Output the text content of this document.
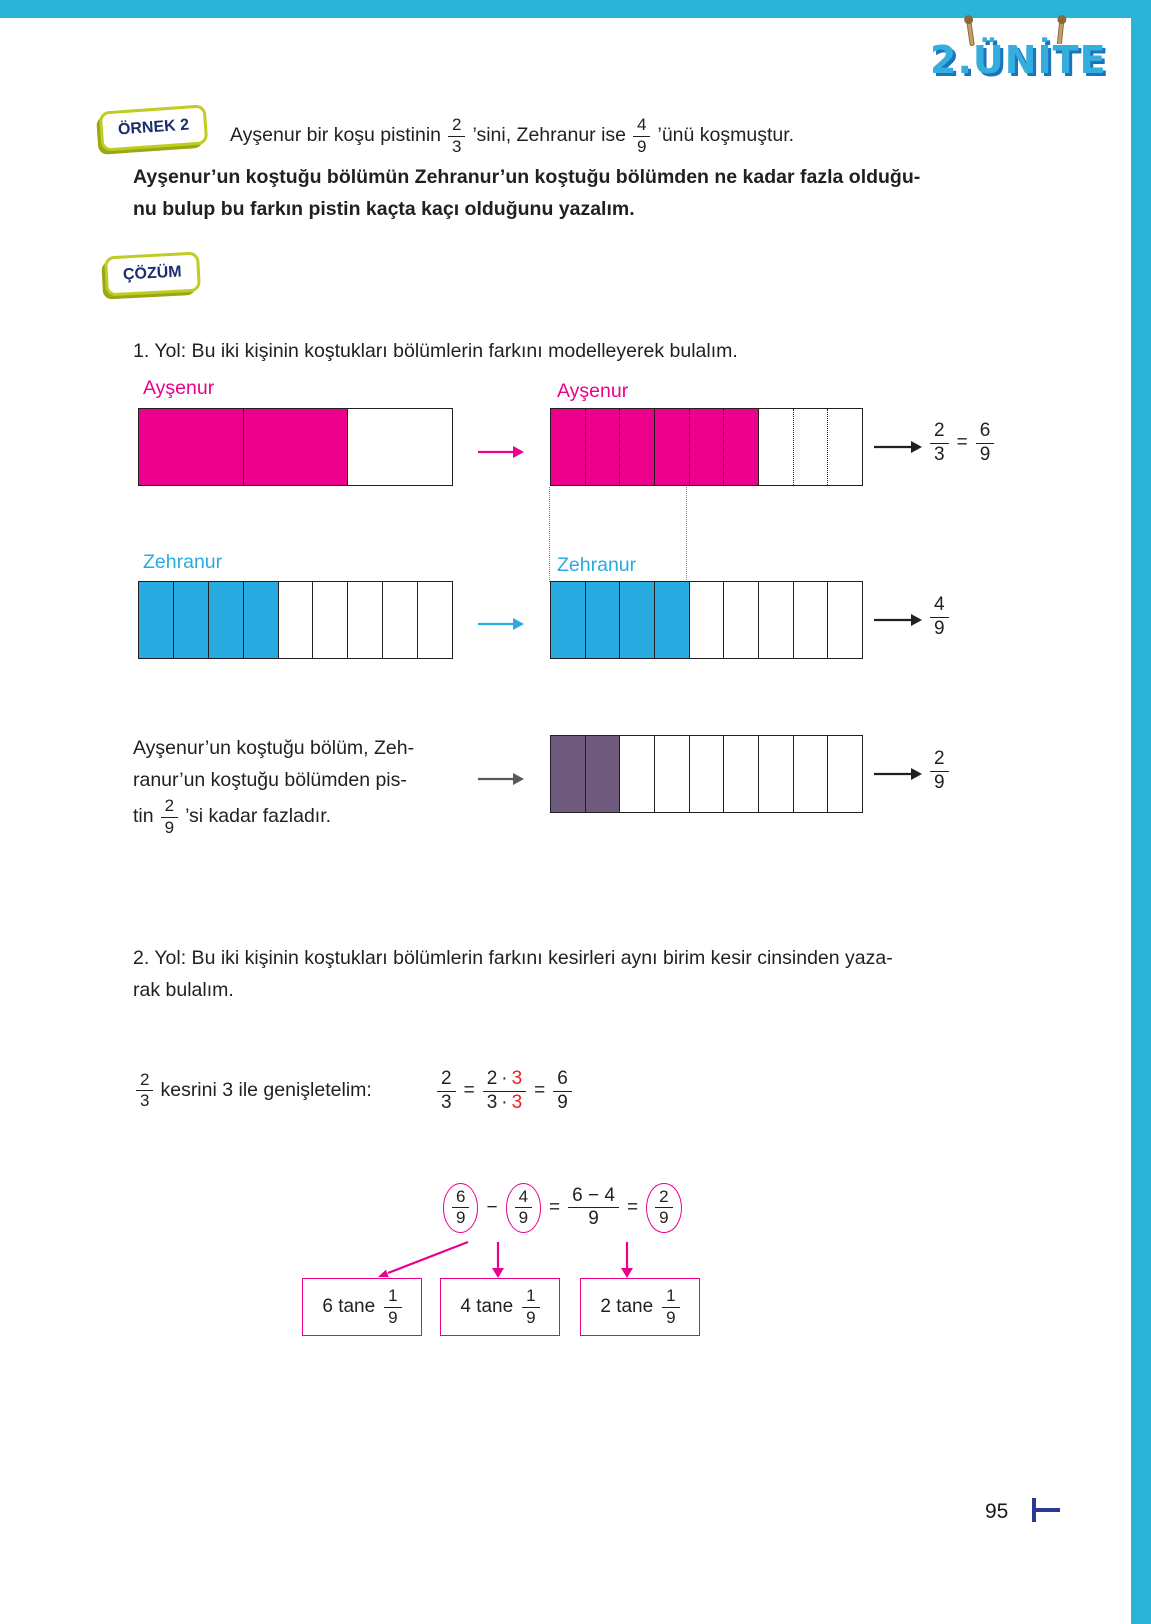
2.ÜNİTE
ÖRNEK 2	Ayşenur bir koşu pistinin $\frac{2}{3}$ ’sini, Zehranur ise $\frac{4}{9}$ ’ünü koşmuştur.
Ayşenur’un koştuğu bölümün Zehranur’un koştuğu bölümden ne kadar fazla olduğu-
nu bulup bu farkın pistin kaçta kaçı olduğunu yazalım.
ÇÖZÜM
1. Yol: Bu iki kişinin koştukları bölümlerin farkını modelleyerek bulalım.
Ayşenur	Ayşenur
$\frac{2}{3} = \frac{6}{9}$
Zehranur	Zehranur
$\frac{4}{9}$
Ayşenur’un koştuğu bölüm, Zeh-
ranur’un koştuğu bölümden pis-
tin $\frac{2}{9}$ ’si kadar fazladır.
$\frac{2}{9}$
2. Yol: Bu iki kişinin koştukları bölümlerin farkını kesirleri aynı birim kesir cinsinden yaza-
rak bulalım.
$\frac{2}{3}$ kesrini 3 ile genişletelim:	$\frac{2}{3} = \frac{2 \cdot 3}{3 \cdot 3} = \frac{6}{9}$
$\frac{6}{9} - \frac{4}{9} = \frac{6 - 4}{9} = \frac{2}{9}$
6 tane $\frac{1}{9}$	4 tane $\frac{1}{9}$	2 tane $\frac{1}{9}$
95
